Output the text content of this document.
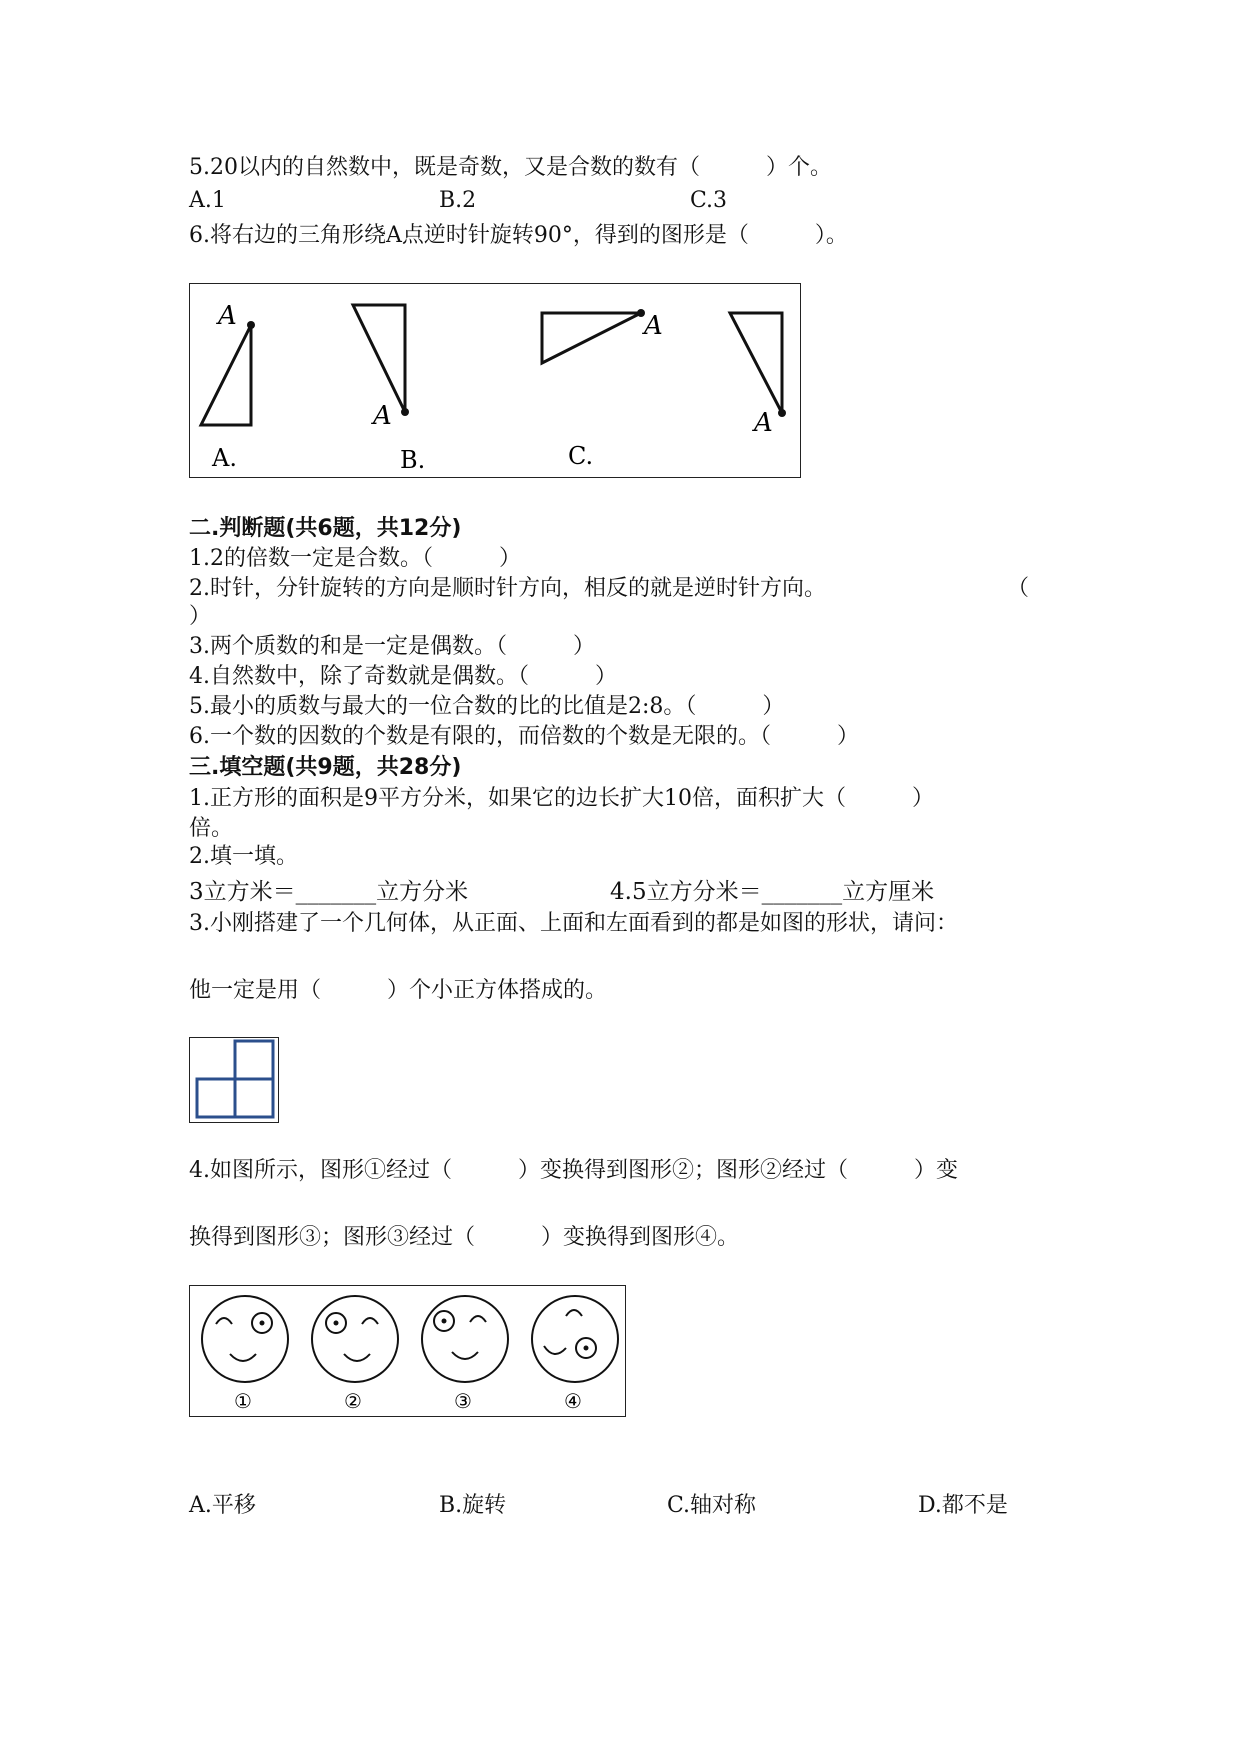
5.20以内的自然数中，既是奇数，又是合数的数有（　　　）个。
A.1	B.2	C.3
6.将右边的三角形绕A点逆时针旋转90°，得到的图形是（　　　）。
A
A.
A
B.
A
C.
A
二.判断题(共6题，共12分)
1.2的倍数一定是合数。（　　　）
2.时针，分针旋转的方向是顺时针方向，相反的就是逆时针方向。	（
）
3.两个质数的和是一定是偶数。（　　　）
4.自然数中，除了奇数就是偶数。（　　　）
5.最小的质数与最大的一位合数的比的比值是2:8。（　　　）
6.一个数的因数的个数是有限的，而倍数的个数是无限的。（　　　）
三.填空题(共9题，共28分)
1.正方形的面积是9平方分米，如果它的边长扩大10倍，面积扩大（　　　）
倍。
2.填一填。
3立方米＝_______立方分米	4.5立方分米＝_______立方厘米
3.小刚搭建了一个几何体，从正面、上面和左面看到的都是如图的形状，请问：
他一定是用（　　　）个小正方体搭成的。
4.如图所示，图形①经过（　　　）变换得到图形②；图形②经过（　　　）变
换得到图形③；图形③经过（　　　）变换得到图形④。
①	②	③	④
A.平移	B.旋转	C.轴对称	D.都不是
